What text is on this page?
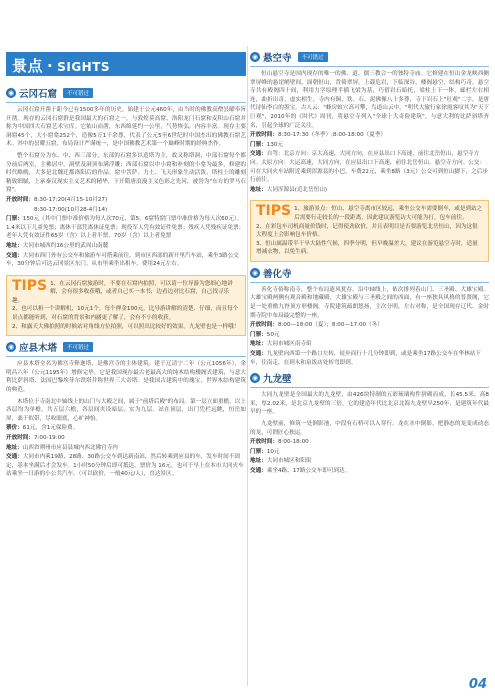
景点 · SIGHTS
◉ 云冈石窟	不可错过

云冈石窟开凿于距今已有1500多年的历史，始建于公元460年，由当时的佛教高僧昙曜奉旨开凿。现存的云冈石窟群是我国最大的石窟之一，与敦煌莫高窟、洛阳龙门石窟和麦积山石窟并称为中国四大石窟艺术宝库。它依山而凿，东西绵延约一公里，气势恢弘，内容丰富。现存主要洞窟45个，大小窟龛252个，造像5万1千余尊，代表了公元5至6世纪时中国杰出的佛教石窟艺术。其中的昙曜五窟，布局设计严谨统一，是中国佛教艺术第一个巅峰时期的经典杰作。

整个石窟分为东、中、西三部分，东部的石窟多以造塔为主，故又称塔洞；中部石窟每个都分前后两室，主佛居中，洞壁及洞顶布满浮雕；西部石窟以中小窟和补刻的小龛为最多，修建的时代略晚，大多是北魏迁都洛阳后的作品。窟中菩萨、力士、飞天形象生动活泼，塔柱上的雕刻精致细腻，上承秦汉现实主义艺术的精华，下开隋唐浪漫主义色彩之先河，被誉为"东方的罗马石窟"。

开放时间：8:30-17:20(4月15-10月27)

8:30-17:00(10月28-4月14)

门票：150元（其中门票中准价格为每人次70元，第5、6窟特窟门票中准价格为每人次60元）。1.4米以下儿童免票；离休干部凭离休证免票；现役军人凭有效证件免票；残疾人凭残疾证免票；老年人凭有效证件65岁（含）以上者半票，70岁（含）以上者免票

地址：大同市城西约16公里的武周山南麓

交通：大同市西门外有公交车和旅游车可搭乘前往。到市区西部的新开里汽车站，乘坐3路公交车，30分钟后可达云冈景区东门。从市里乘坐出租车，费用24元左右。

TIPS 1、在云冈石窟旅游时，不要在石窟内拍照，可以请一位导游为您细心地讲解，会有很多收获哦，或者自己买一本书，边看边对比石窟，自己找寻乐趣。

2、也可以租一个讲解机，10元1个，每个押金100元。比导游讲解的清楚、仔细，而且每个景点都能听到，对石窟的背景和内涵更了解了，会有不小的收获。

2、和露天大佛拍照的时候站对角线方位拍照，可以照出比较好的效果。九龙壁也是一样哦！

◉ 应县木塔	不可错过

应县木塔全名为佛宫寺释迦塔，是佛宫寺的主体建筑。建于辽清宁二年（公元1056年），金明昌六年（公元1195年）增修完毕。它是我国现存最古老最高大的纯木结构楼阁式建筑，与意大利比萨斜塔、法国巴黎埃菲尔铁塔并称世界三大奇塔。是我国古建筑中的瑰宝，世界木结构建筑的典范。

木塔位于寺南北中轴线上的山门与大殿之间，属于"前塔后殿"的布局。第一层立面重檐，以上各层均为单檐，共五层六檐，各层间夹设暗层，实为九层。站在顶层，出门凭栏远眺，恒岳如屏，桑干似带，尽收眼底，心旷神怡。

票价：61元，含1元保险费。

开放时间：7:00-19:00

地址：山西省朔州市应县县城内西北佛宫寺内

交通：大同市内乘19路、28路、30路公交车到达新南站，然后转乘到应县的车，发车时间不固定，基本坐满后才会发车。1小时50分钟后即可抵达，票价为 16元。也可于早上在本市大同火车站乘坐一日游的小公共汽车，（可以砍价，一般40元/人），直达景区。

◉ 悬空寺	不可错过

恒山悬空寺是国内现存的唯一的佛、道、儒三教合一的独特寺庙。它修建在恒山金龙峡西侧翠屏峰的悬崖峭壁间，面朝恒山，背倚翠屏，上载危岩，下临深谷，楼阁悬空，结构巧奇。悬空寺共有殿阁四十间，利用力学原理半插飞梁为基，巧借岩石暗托，梁柱上下一体，廊栏左右相连，曲折出奇，虚实相生。寺内有铜、铁、石、泥佛像八十多尊，寺下岩石上"壮观"二字，是唐代诗仙李白的墨宝。古人云："蜂房蚁穴高可攀，鸟道山云中。"明代大旅行家徐霞客叹其为"天下巨观"，2010年的《时代》周刊，将悬空寺列入"全球十大奇险建筑"，与意大利的比萨斜塔齐名，引起全球的广泛关注。

开放时间：8:30-17:30（冬季）;8:00-18:00（夏季）

门票：130元

交通：自驾：北京方向：京大高速，大同方向，在应县出口下高速，前往北岳恒山、悬空寺方向。太原方向：大运高速，大同方向，在应县出口下高速，前往北岳恒山、悬空寺方向。公交：可在大同火车站附近乘到浑源县的小巴，车费22元，乘坐8路（3元）公交可到恒山脚下，之后步行前往。

地址：大同浑源县(近北岳恒山)

TIPS 1、旅游景点：恒山、悬空寺离市区较远，乘坐公交车需要倒车，或是到站之后需要行走较长的一段距离，因此建议游览访大可能为打，包车前往。

2、在彩包车司机商量价钱时，记得使劲砍价，并且表明目是否要游览北岳恒山，因为这很大程度上会影响包车价格。

3、恒山属温带半干旱大陆性气候，四季分明，但早晚温差大，建议在游览悬空寺时，适量增减衣物，以免生病。

◉ 善化寺

善化寺俗称南寺，整个布局遗风犹存。沿中轴线上，依次排列着山门、三圣殿、大雄宝殿。大雄宝殿两侧有观音殿和地藏殿，大雄宝殿与三圣殿之间的西面，有一座独具风格的普贤阁，它是一处重檐九脊顶方形楼阁。寺院建筑疏朗悠扬，主次分明，左右对称，是全国现存辽代、金时期寺院中布局最完整的一座。

开放时间：8:00—18:00（夏）；8:00—17:00（冬）

门票：50元

地址：大同市城区南寺街

交通：九龙壁向西第一个路口左转，徒步而行十几分钟即到，或是乘坐17路公交车在华林站下车，往南走，在到永和泉饭店处转弯即到。

◉ 九龙壁

大同九龙壁是全国最大的九龙壁，由426块特制的五彩琉璃构件拼砌而成，长45.5米，高8米，厚2.02米，是北京九龙壁的三倍，它的建造年代比北京北海九龙壁早250年，是建筑年代最早的一座。

九龙壁前，修筑一处倒影池，中段有石桥可以入穿行。龙在水中倒影，把静态的龙变成动态的龙，可谓匠心独运。

开放时间：8:00-18:00

门票：10元

地址：大同市城区和阳街

交通：乘坐4路、17路公交车即可到达。

04
